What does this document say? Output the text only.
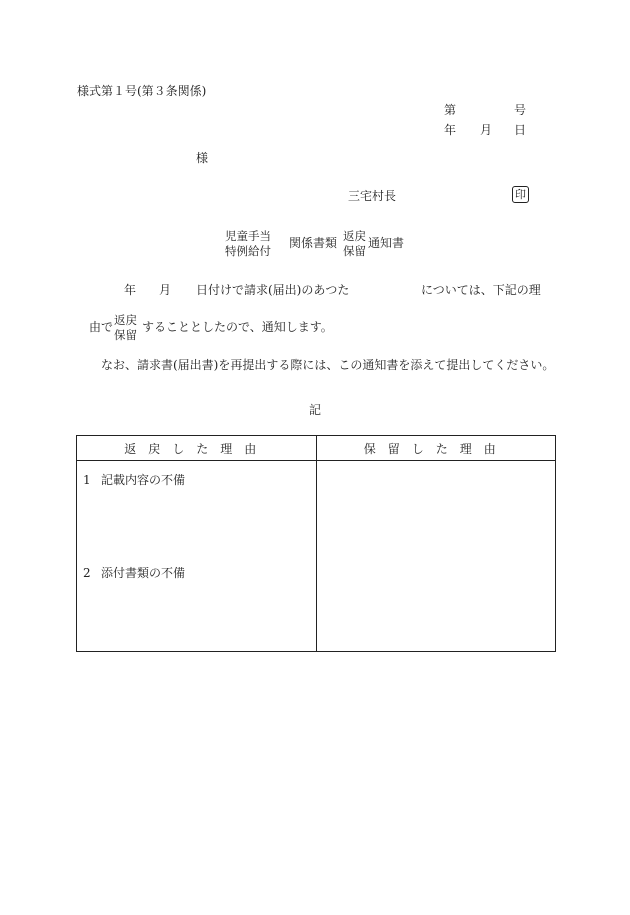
様式第１号(第３条関係)
第	号
年 月 日
様
三宅村長	印
児童手当
特例給付
関係書類 返戻
保留
通知書
年 月 日付けで請求(届出)のあつた	については、下記の理
由で 返戻
保留
することとしたので、通知します。
なお、請求書(届出書)を再提出する際には、この通知書を添えて提出してください。
記
返戻した理由	保留した理由

1 記載内容の不備
2 添付書類の不備	
